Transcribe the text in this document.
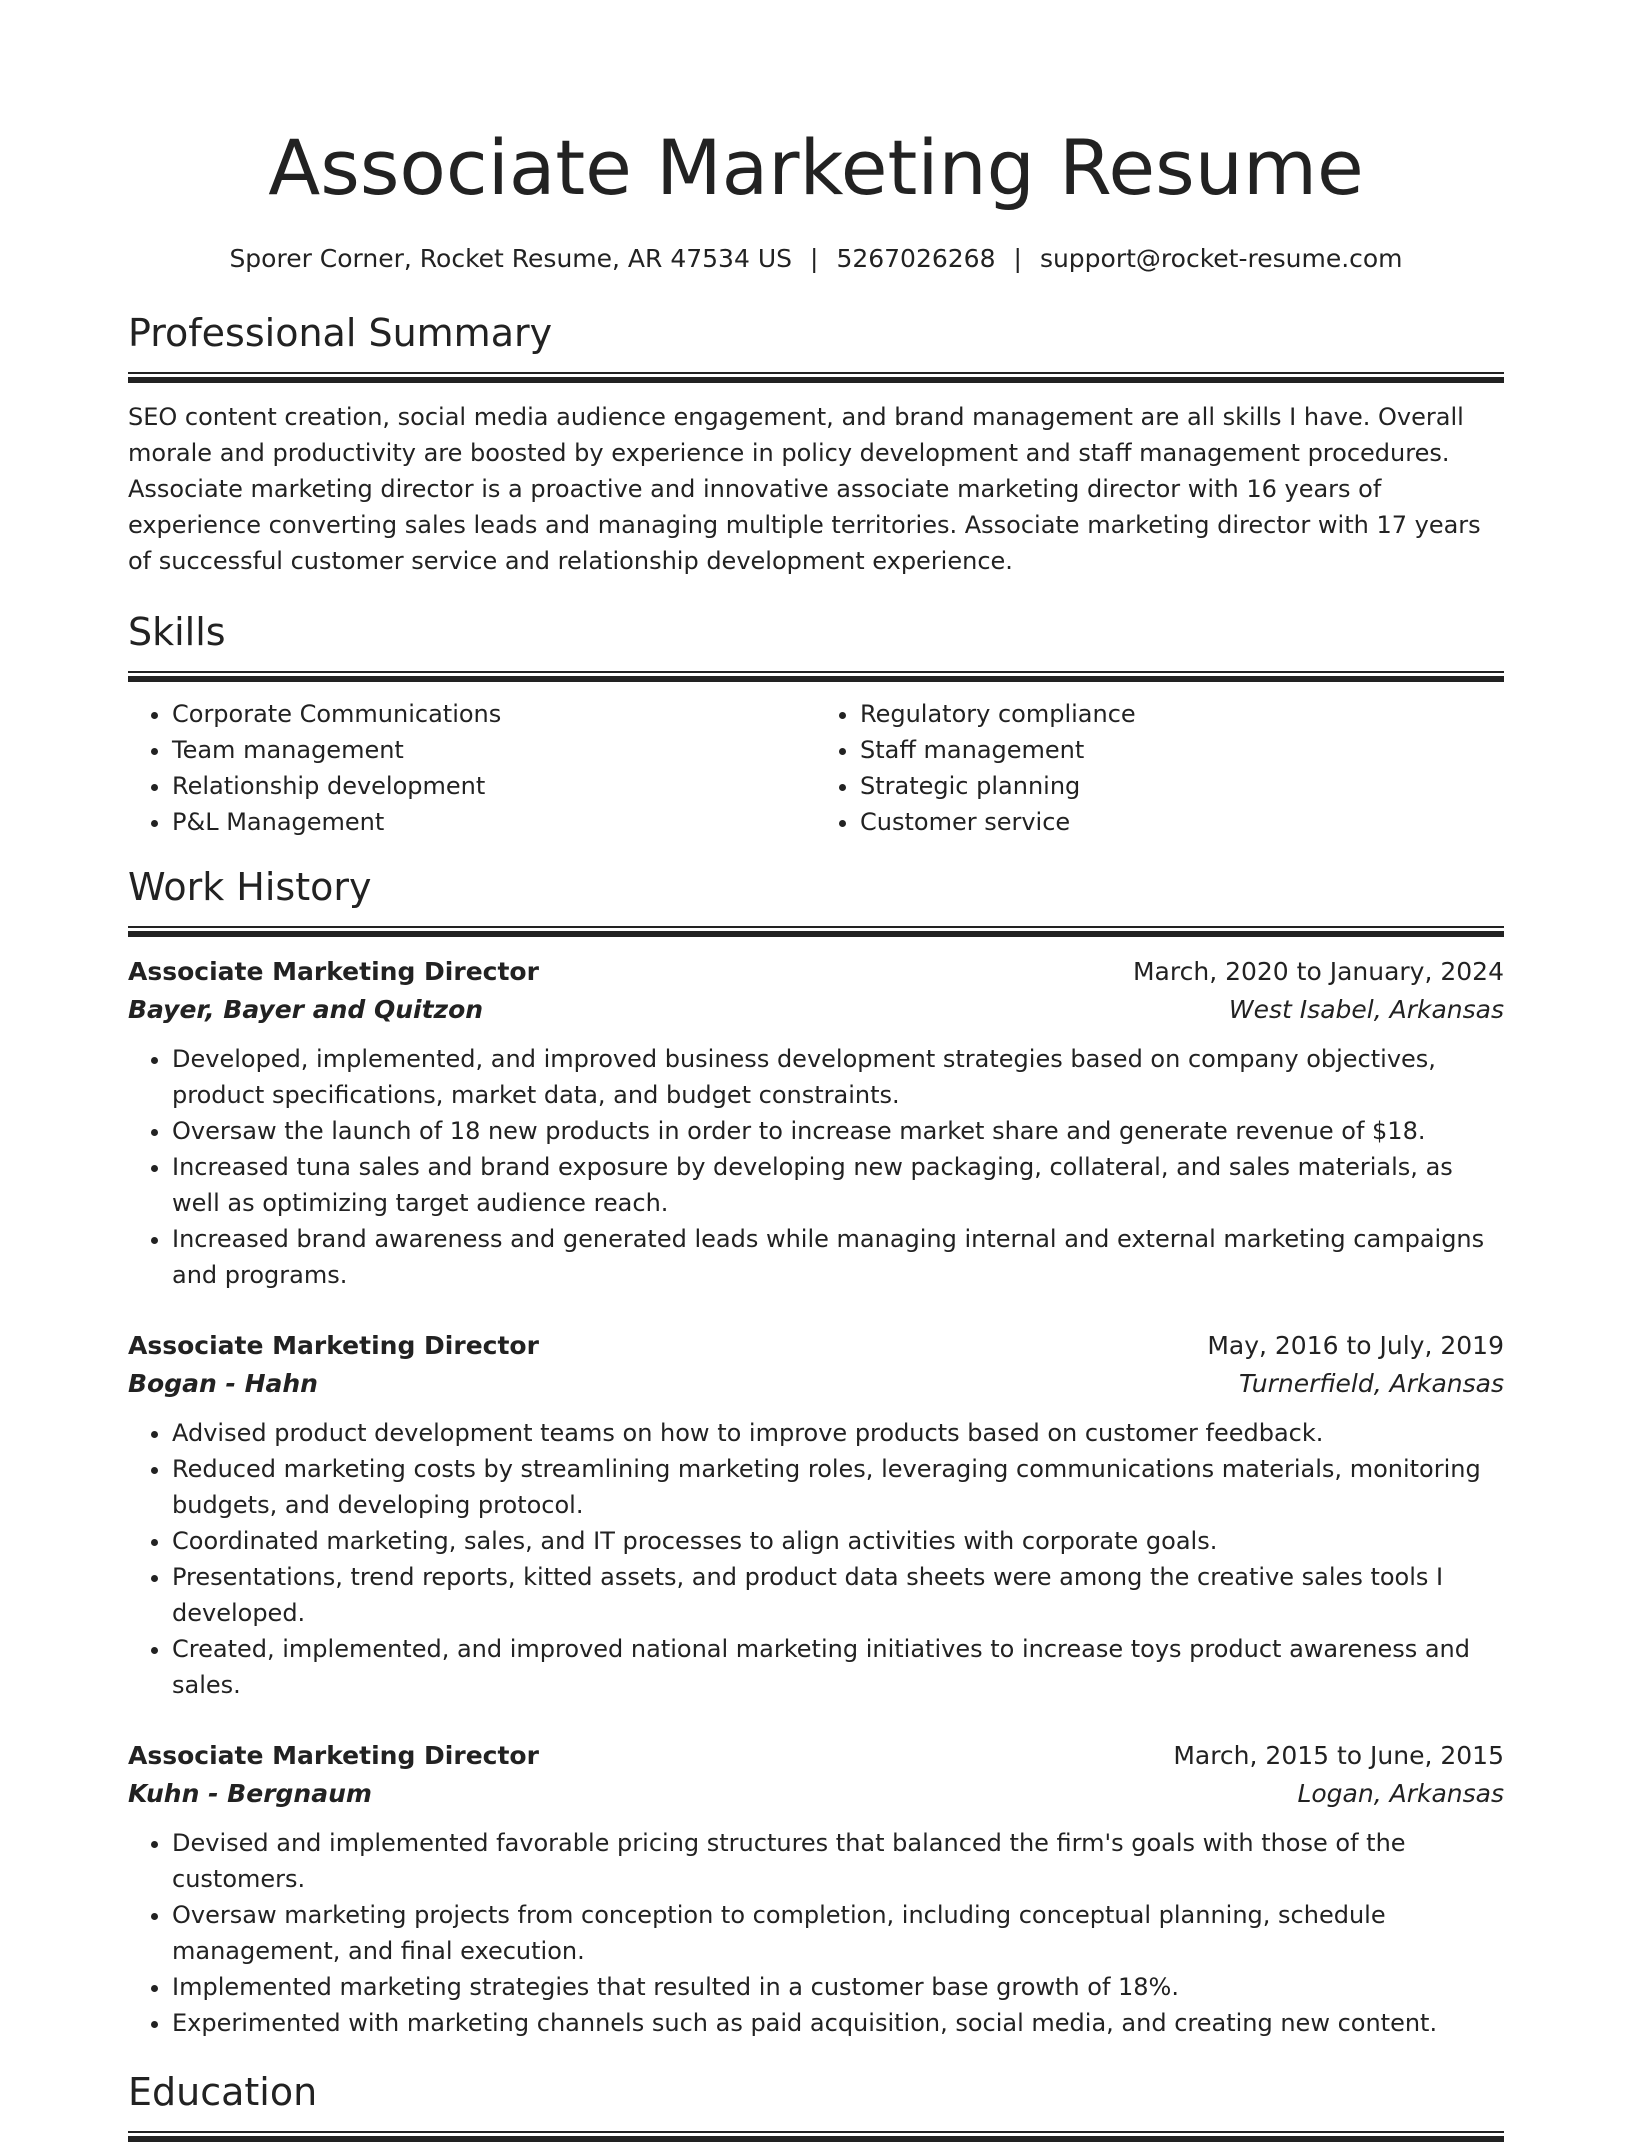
Associate Marketing Resume
Sporer Corner, Rocket Resume, AR 47534 US | 5267026268 | support@rocket-resume.com
Professional Summary

SEO content creation, social media audience engagement, and brand management are all skills I have. Overall morale and productivity are boosted by experience in policy development and staff management procedures. Associate marketing director is a proactive and innovative associate marketing director with 16 years of experience converting sales leads and managing multiple territories. Associate marketing director with 17 years of successful customer service and relationship development experience.

Skills
• Corporate Communications
• Team management
• Relationship development
• P&L Management
• Regulatory compliance
• Staff management
• Strategic planning
• Customer service
Work History
Associate Marketing Director	March, 2020 to January, 2024
Bayer, Bayer and Quitzon	West Isabel, Arkansas
• Developed, implemented, and improved business development strategies based on company objectives, product specifications, market data, and budget constraints.
• Oversaw the launch of 18 new products in order to increase market share and generate revenue of $18.
• Increased tuna sales and brand exposure by developing new packaging, collateral, and sales materials, as well as optimizing target audience reach.
• Increased brand awareness and generated leads while managing internal and external marketing campaigns and programs.
Associate Marketing Director	May, 2016 to July, 2019
Bogan - Hahn	Turnerfield, Arkansas
• Advised product development teams on how to improve products based on customer feedback.
• Reduced marketing costs by streamlining marketing roles, leveraging communications materials, monitoring budgets, and developing protocol.
• Coordinated marketing, sales, and IT processes to align activities with corporate goals.
• Presentations, trend reports, kitted assets, and product data sheets were among the creative sales tools I developed.
• Created, implemented, and improved national marketing initiatives to increase toys product awareness and sales.
Associate Marketing Director	March, 2015 to June, 2015
Kuhn - Bergnaum	Logan, Arkansas
• Devised and implemented favorable pricing structures that balanced the firm's goals with those of the customers.
• Oversaw marketing projects from conception to completion, including conceptual planning, schedule management, and final execution.
• Implemented marketing strategies that resulted in a customer base growth of 18%.
• Experimented with marketing channels such as paid acquisition, social media, and creating new content.
Education
